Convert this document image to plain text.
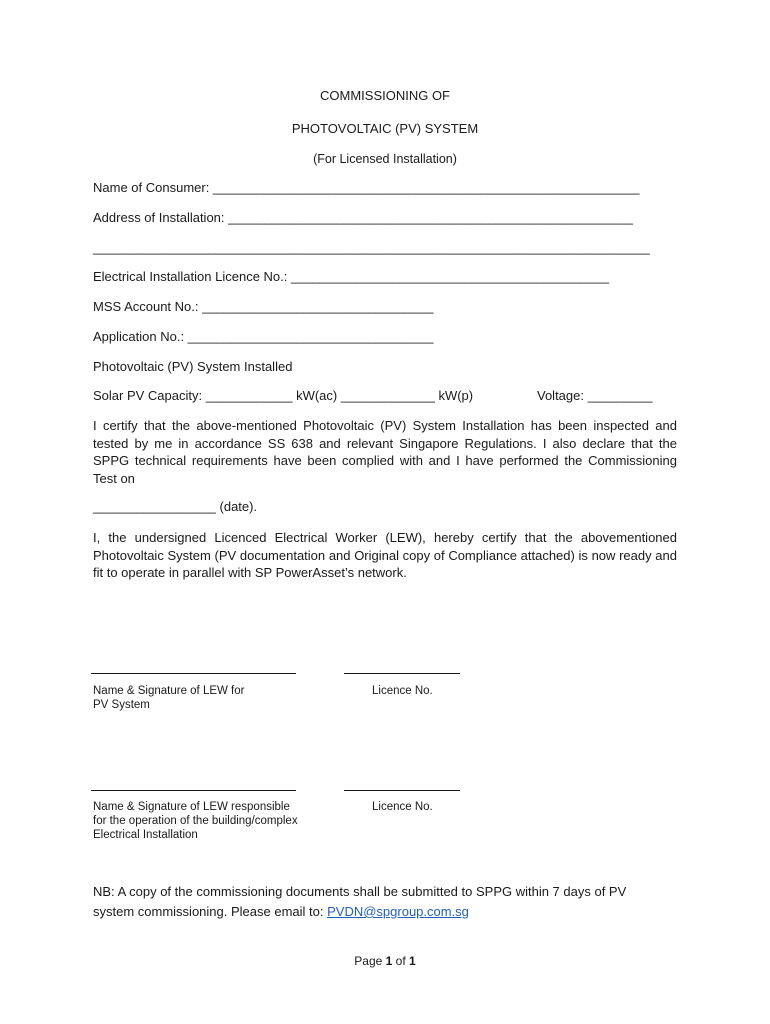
COMMISSIONING OF
PHOTOVOLTAIC (PV) SYSTEM
(For Licensed Installation)
Name of Consumer: ___________________________________________________________
Address of Installation: ________________________________________________________
_____________________________________________________________________________
Electrical Installation Licence No.: ____________________________________________
MSS Account No.: ________________________________
Application No.: __________________________________
Photovoltaic (PV) System Installed
Solar PV Capacity: ____________ kW(ac) _____________ kW(p)	Voltage: _________
I certify that the above-mentioned Photovoltaic (PV) System Installation has been inspected and tested by me in accordance SS 638 and relevant Singapore Regulations. I also declare that the SPPG technical requirements have been complied with and I have performed the Commissioning Test on
_________________ (date).
I, the undersigned Licenced Electrical Worker (LEW), hereby certify that the abovementioned Photovoltaic System (PV documentation and Original copy of Compliance attached) is now ready and fit to operate in parallel with SP PowerAsset’s network.
Name & Signature of LEW for
PV System
Licence No.
Name & Signature of LEW responsible
for the operation of the building/complex
Electrical Installation
Licence No.
NB: A copy of the commissioning documents shall be submitted to SPPG within 7 days of PV
system commissioning. Please email to: PVDN@spgroup.com.sg
Page 1 of 1
